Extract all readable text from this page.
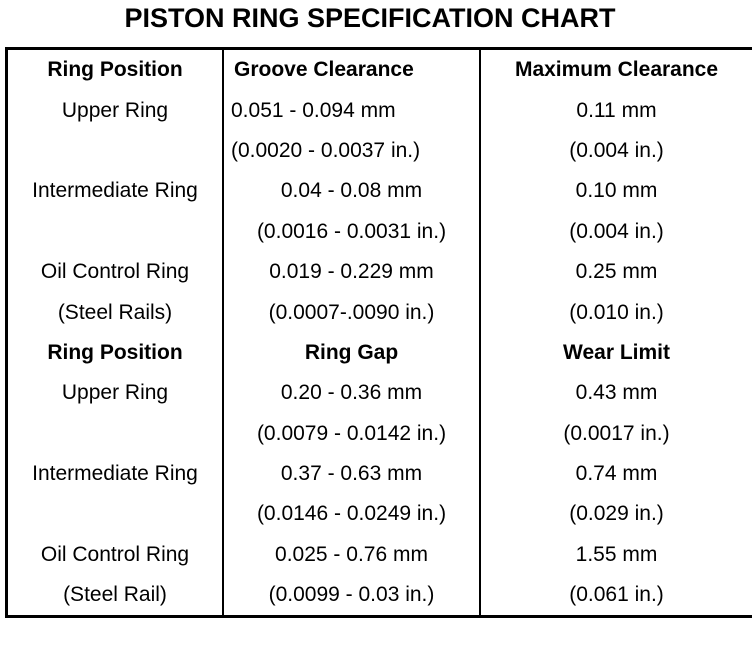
PISTON RING SPECIFICATION CHART
Ring Position	Groove Clearance	Maximum Clearance
Upper Ring	0.051 - 0.094 mm	0.11 mm
	(0.0020 - 0.0037 in.)	(0.004 in.)
Intermediate Ring	0.04 - 0.08 mm	0.10 mm
	(0.0016 - 0.0031 in.)	(0.004 in.)
Oil Control Ring	0.019 - 0.229 mm	0.25 mm
(Steel Rails)	(0.0007-.0090 in.)	(0.010 in.)
Ring Position	Ring Gap	Wear Limit
Upper Ring	0.20 - 0.36 mm	0.43 mm
	(0.0079 - 0.0142 in.)	(0.0017 in.)
Intermediate Ring	0.37 - 0.63 mm	0.74 mm
	(0.0146 - 0.0249 in.)	(0.029 in.)
Oil Control Ring	0.025 - 0.76 mm	1.55 mm
(Steel Rail)	(0.0099 - 0.03 in.)	(0.061 in.)
